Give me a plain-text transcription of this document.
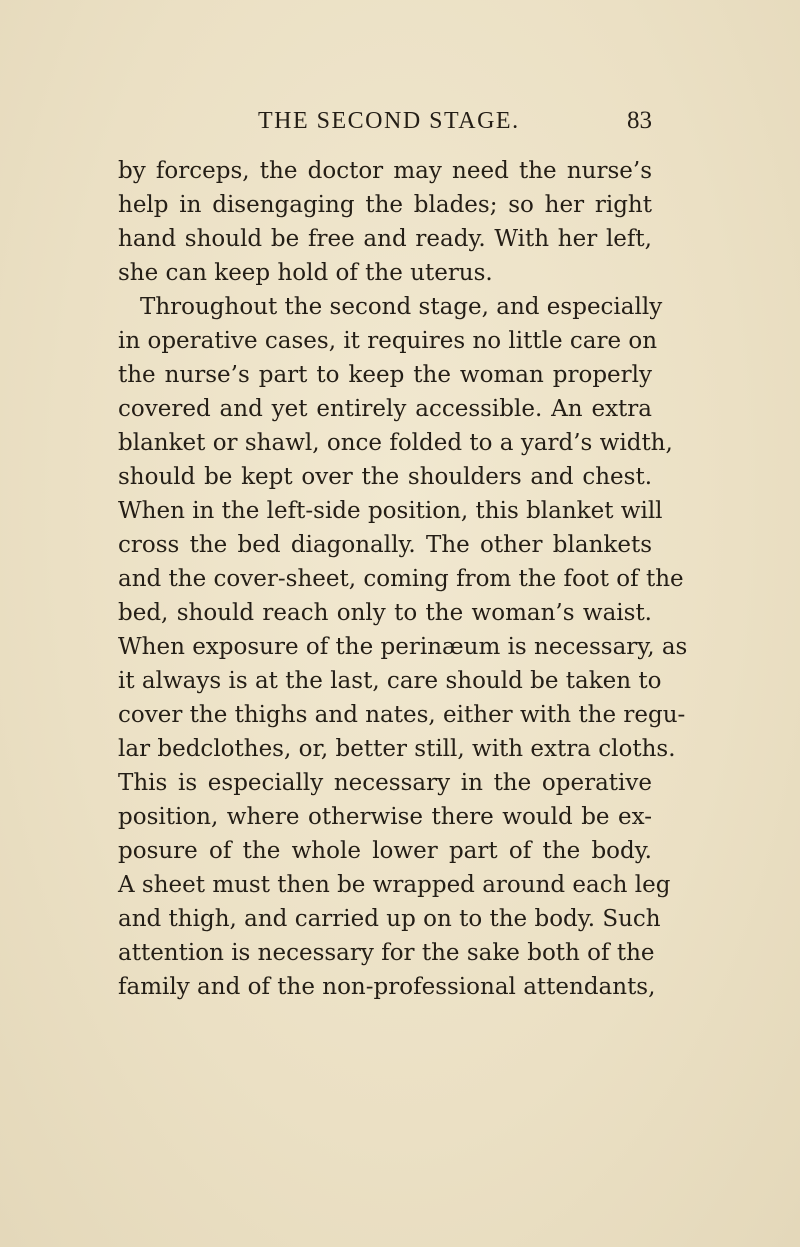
THE SECOND STAGE.	83
by forceps, the doctor may need the nurse’s
help in disengaging the blades; so her right
hand should be free and ready. With her left,
she can keep hold of the uterus.
Throughout the second stage, and especially
in operative cases, it requires no little care on
the nurse’s part to keep the woman properly
covered and yet entirely accessible. An extra
blanket or shawl, once folded to a yard’s width,
should be kept over the shoulders and chest.
When in the left-side position, this blanket will
cross the bed diagonally. The other blankets
and the cover-sheet, coming from the foot of the
bed, should reach only to the woman’s waist.
When exposure of the perinæum is necessary, as
it always is at the last, care should be taken to
cover the thighs and nates, either with the regu-
lar bedclothes, or, better still, with extra cloths.
This is especially necessary in the operative
position, where otherwise there would be ex-
posure of the whole lower part of the body.
A sheet must then be wrapped around each leg
and thigh, and carried up on to the body. Such
attention is necessary for the sake both of the
family and of the non-professional attendants,
